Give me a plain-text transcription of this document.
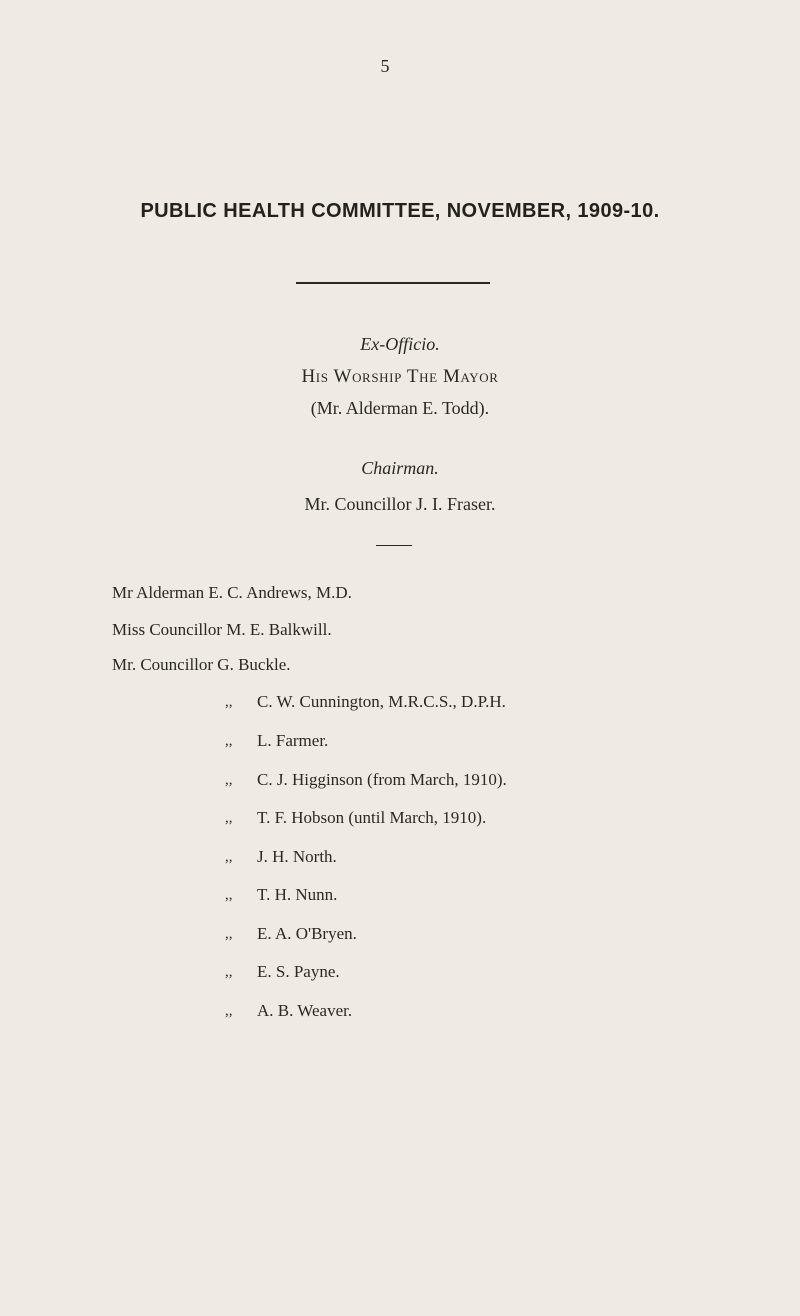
5
PUBLIC HEALTH COMMITTEE, NOVEMBER, 1909-10.
Ex-Officio.
His Worship The Mayor
(Mr. Alderman E. Todd).
Chairman.
Mr. Councillor J. I. Fraser.
Mr Alderman E. C. Andrews, M.D.
Miss Councillor M. E. Balkwill.
Mr. Councillor G. Buckle.
,, C. W. Cunnington, M.R.C.S., D.P.H.
,, L. Farmer.
,, C. J. Higginson (from March, 1910).
,, T. F. Hobson (until March, 1910).
,, J. H. North.
,, T. H. Nunn.
,, E. A. O'Bryen.
,, E. S. Payne.
,, A. B. Weaver.
